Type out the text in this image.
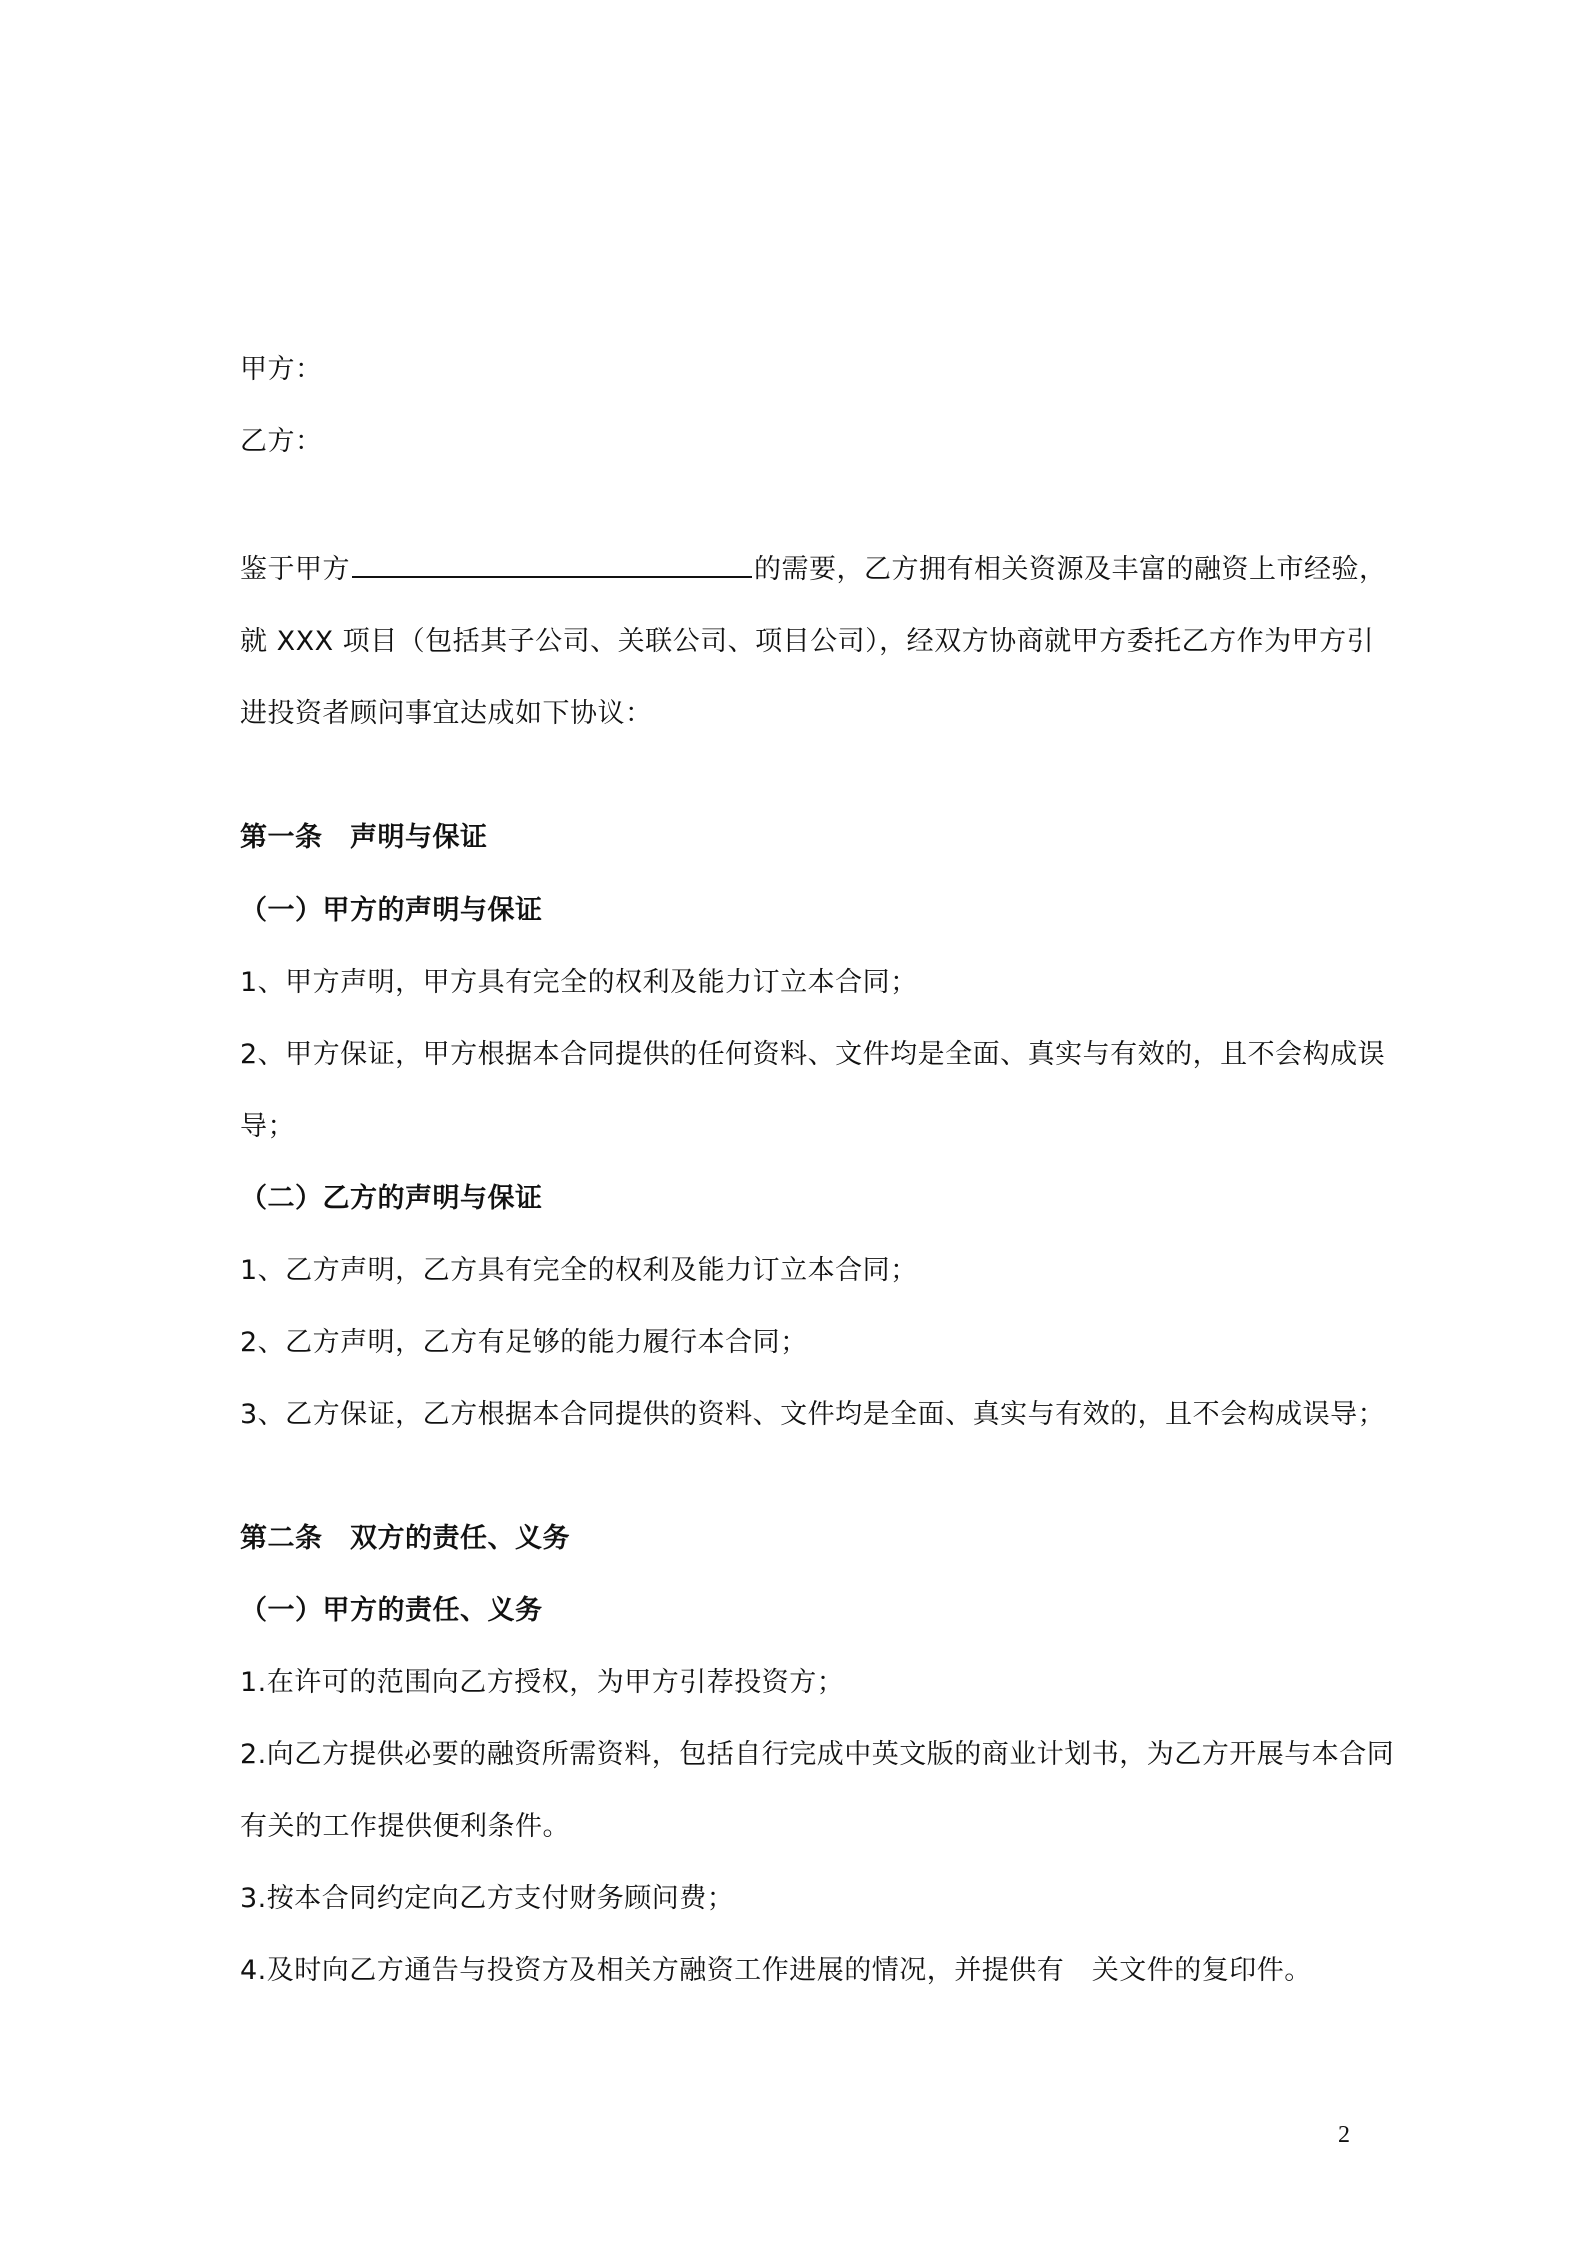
甲方：

乙方：

鉴于甲方	的需要，乙方拥有相关资源及丰富的融资上市经验，

就 XXX 项目（包括其子公司、关联公司、项目公司），经双方协商就甲方委托乙方作为甲方引

进投资者顾问事宜达成如下协议：

第一条　声明与保证

（一）甲方的声明与保证

1、甲方声明，甲方具有完全的权利及能力订立本合同；

2、甲方保证，甲方根据本合同提供的任何资料、文件均是全面、真实与有效的，且不会构成误

导；

（二）乙方的声明与保证

1、乙方声明，乙方具有完全的权利及能力订立本合同；

2、乙方声明，乙方有足够的能力履行本合同；

3、乙方保证，乙方根据本合同提供的资料、文件均是全面、真实与有效的，且不会构成误导；

第二条　双方的责任、义务

（一）甲方的责任、义务

1.在许可的范围向乙方授权，为甲方引荐投资方；

2.向乙方提供必要的融资所需资料，包括自行完成中英文版的商业计划书，为乙方开展与本合同

有关的工作提供便利条件。

3.按本合同约定向乙方支付财务顾问费；

4.及时向乙方通告与投资方及相关方融资工作进展的情况，并提供有　关文件的复印件。

2
